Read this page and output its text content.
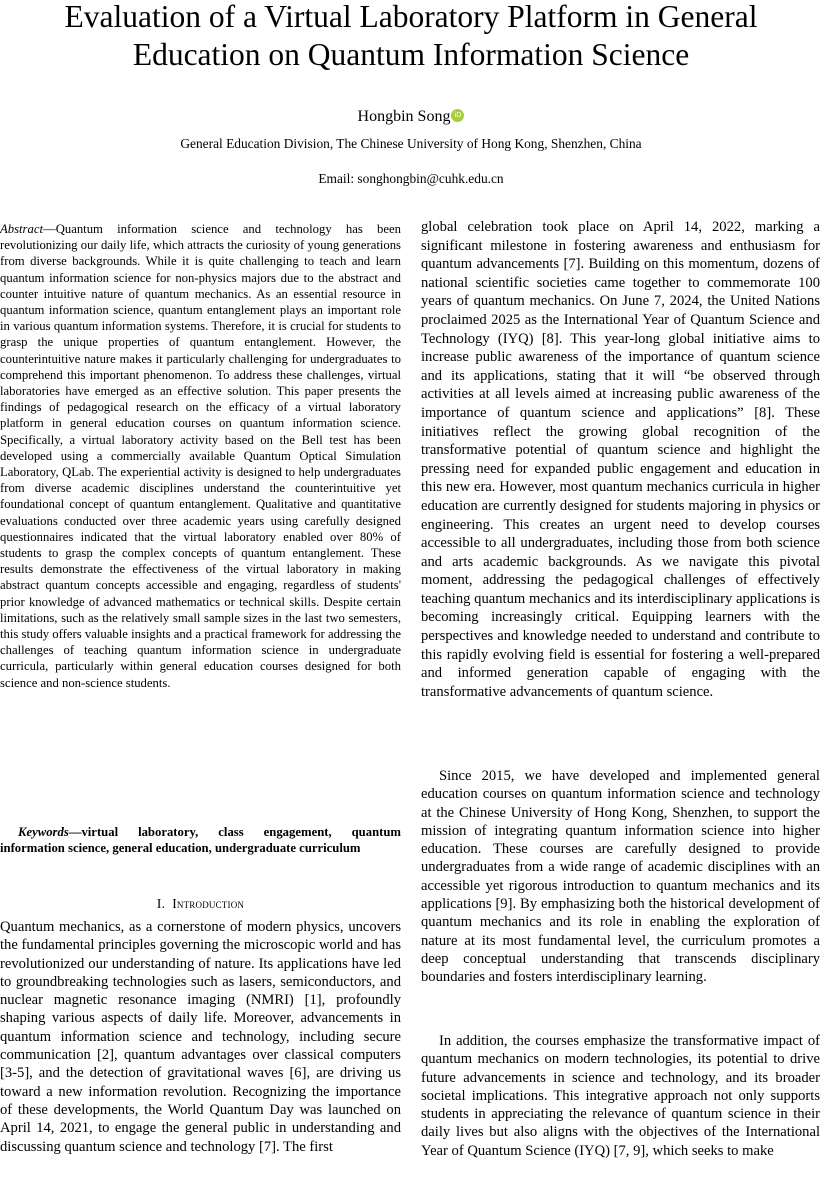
Evaluation of a Virtual Laboratory Platform in General Education on Quantum Information Science
Hongbin Song iD
General Education Division, The Chinese University of Hong Kong, Shenzhen, China
Email: songhongbin@cuhk.edu.cn

Abstract—Quantum information science and technology has been revolutionizing our daily life, which attracts the curiosity of young generations from diverse backgrounds. While it is quite challenging to teach and learn quantum information science for non-physics majors due to the abstract and counter intuitive nature of quantum mechanics. As an essential resource in quantum information science, quantum entanglement plays an important role in various quantum information systems. Therefore, it is crucial for students to grasp the unique properties of quantum entanglement. However, the counterintuitive nature makes it particularly challenging for undergraduates to comprehend this important phenomenon. To address these challenges, virtual laboratories have emerged as an effective solution. This paper presents the findings of pedagogical research on the efficacy of a virtual laboratory platform in general education courses on quantum information science. Specifically, a virtual laboratory activity based on the Bell test has been developed using a commercially available Quantum Optical Simulation Laboratory, QLab. The experiential activity is designed to help undergraduates from diverse academic disciplines understand the counterintuitive yet foundational concept of quantum entanglement. Qualitative and quantitative evaluations conducted over three academic years using carefully designed questionnaires indicated that the virtual laboratory enabled over 80% of students to grasp the complex concepts of quantum entanglement. These results demonstrate the effectiveness of the virtual laboratory in making abstract quantum concepts accessible and engaging, regardless of students' prior knowledge of advanced mathematics or technical skills. Despite certain limitations, such as the relatively small sample sizes in the last two semesters, this study offers valuable insights and a practical framework for addressing the challenges of teaching quantum information science in undergraduate curricula, particularly within general education courses designed for both science and non-science students.

Keywords—virtual laboratory, class engagement, quantum information science, general education, undergraduate curriculum

I. Introduction

Quantum mechanics, as a cornerstone of modern physics, uncovers the fundamental principles governing the microscopic world and has revolutionized our understanding of nature. Its applications have led to groundbreaking technologies such as lasers, semiconductors, and nuclear magnetic resonance imaging (NMRI) [1], profoundly shaping various aspects of daily life. Moreover, advancements in quantum information science and technology, including secure communication [2], quantum advantages over classical computers [3-5], and the detection of gravitational waves [6], are driving us toward a new information revolution. Recognizing the importance of these developments, the World Quantum Day was launched on April 14, 2021, to engage the general public in understanding and discussing quantum science and technology [7]. The first

global celebration took place on April 14, 2022, marking a significant milestone in fostering awareness and enthusiasm for quantum advancements [7]. Building on this momentum, dozens of national scientific societies came together to commemorate 100 years of quantum mechanics. On June 7, 2024, the United Nations proclaimed 2025 as the International Year of Quantum Science and Technology (IYQ) [8]. This year-long global initiative aims to increase public awareness of the importance of quantum science and its applications, stating that it will “be observed through activities at all levels aimed at increasing public awareness of the importance of quantum science and applications” [8]. These initiatives reflect the growing global recognition of the transformative potential of quantum science and highlight the pressing need for expanded public engagement and education in this new era. However, most quantum mechanics curricula in higher education are currently designed for students majoring in physics or engineering. This creates an urgent need to develop courses accessible to all undergraduates, including those from both science and arts academic backgrounds. As we navigate this pivotal moment, addressing the pedagogical challenges of effectively teaching quantum mechanics and its interdisciplinary applications is becoming increasingly critical. Equipping learners with the perspectives and knowledge needed to understand and contribute to this rapidly evolving field is essential for fostering a well-prepared and informed generation capable of engaging with the transformative advancements of quantum science.

Since 2015, we have developed and implemented general education courses on quantum information science and technology at the Chinese University of Hong Kong, Shenzhen, to support the mission of integrating quantum information science into higher education. These courses are carefully designed to provide undergraduates from a wide range of academic disciplines with an accessible yet rigorous introduction to quantum mechanics and its applications [9]. By emphasizing both the historical development of quantum mechanics and its role in enabling the exploration of nature at its most fundamental level, the curriculum promotes a deep conceptual understanding that transcends disciplinary boundaries and fosters interdisciplinary learning.

In addition, the courses emphasize the transformative impact of quantum mechanics on modern technologies, its potential to drive future advancements in science and technology, and its broader societal implications. This integrative approach not only supports students in appreciating the relevance of quantum science in their daily lives but also aligns with the objectives of the International Year of Quantum Science (IYQ) [7, 9], which seeks to make
